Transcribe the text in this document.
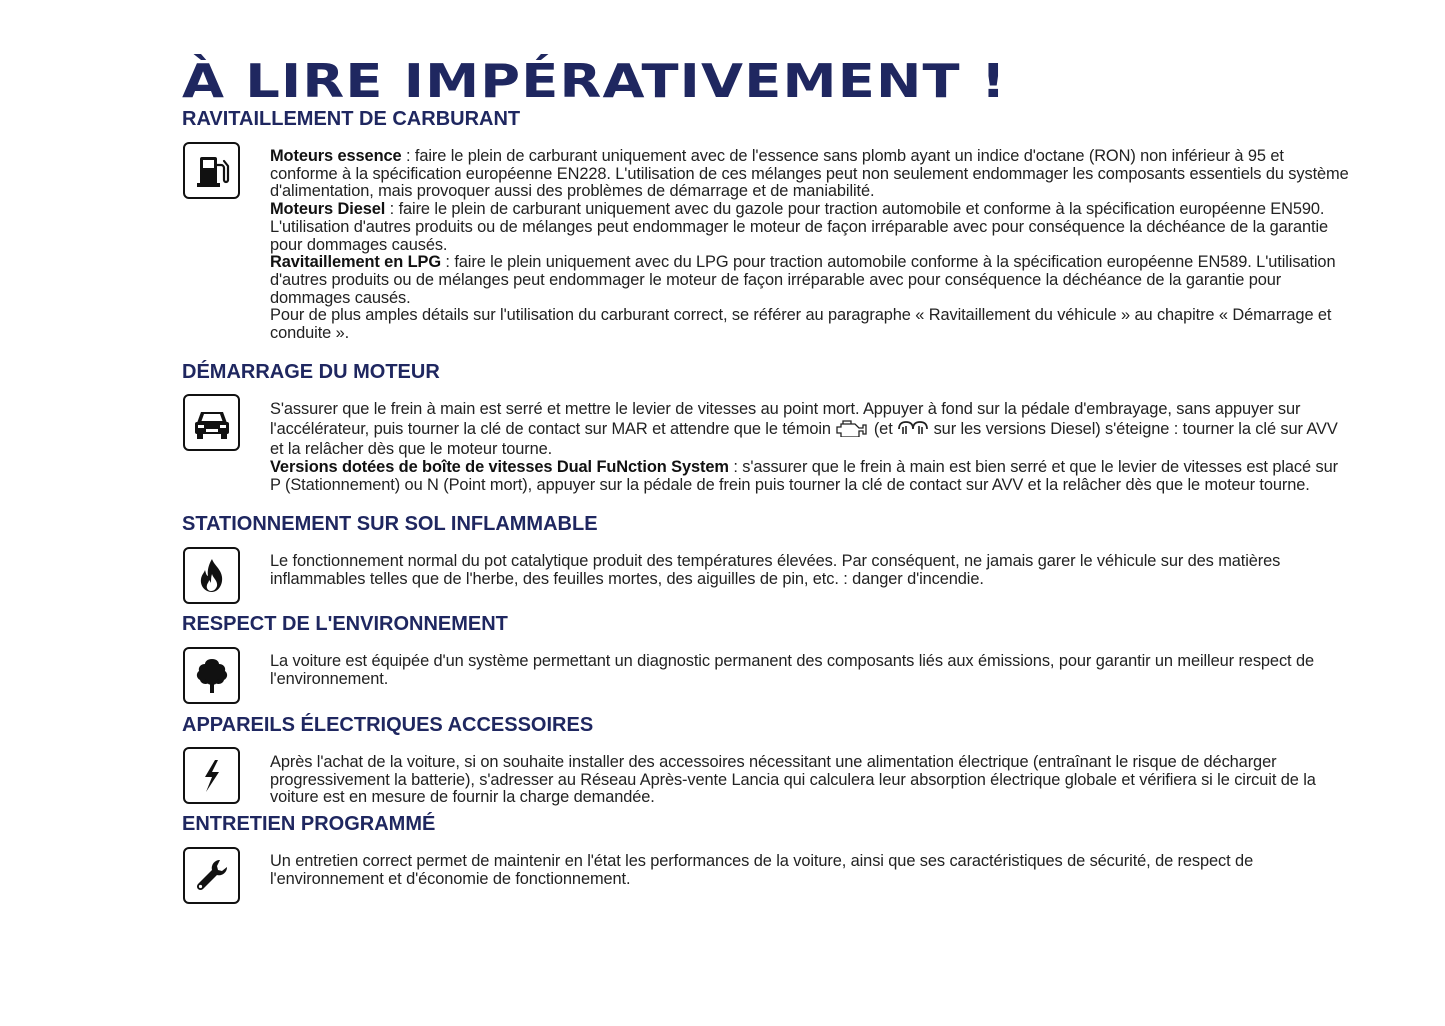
À LIRE IMPÉRATIVEMENT !
RAVITAILLEMENT DE CARBURANT

Moteurs essence : faire le plein de carburant uniquement avec de l'essence sans plomb ayant un indice d'octane (RON) non inférieur à 95 et conforme à la spécification européenne EN228. L'utilisation de ces mélanges peut non seulement endommager les composants essentiels du système d'alimentation, mais provoquer aussi des problèmes de démarrage et de maniabilité.

Moteurs Diesel : faire le plein de carburant uniquement avec du gazole pour traction automobile et conforme à la spécification européenne EN590. L'utilisation d'autres produits ou de mélanges peut endommager le moteur de façon irréparable avec pour conséquence la déchéance de la garantie pour dommages causés.

Ravitaillement en LPG : faire le plein uniquement avec du LPG pour traction automobile conforme à la spécification européenne EN589. L'utilisation d'autres produits ou de mélanges peut endommager le moteur de façon irréparable avec pour conséquence la déchéance de la garantie pour dommages causés.

Pour de plus amples détails sur l'utilisation du carburant correct, se référer au paragraphe « Ravitaillement du véhicule » au chapitre « Démarrage et conduite ».

DÉMARRAGE DU MOTEUR

S'assurer que le frein à main est serré et mettre le levier de vitesses au point mort. Appuyer à fond sur la pédale d'embrayage, sans appuyer sur l'accélérateur, puis tourner la clé de contact sur MAR et attendre que le témoin  (et  sur les versions Diesel) s'éteigne : tourner la clé sur AVV et la relâcher dès que le moteur tourne.

Versions dotées de boîte de vitesses Dual FuNction System : s'assurer que le frein à main est bien serré et que le levier de vitesses est placé sur P (Stationnement) ou N (Point mort), appuyer sur la pédale de frein puis tourner la clé de contact sur AVV et la relâcher dès que le moteur tourne.

STATIONNEMENT SUR SOL INFLAMMABLE

Le fonctionnement normal du pot catalytique produit des températures élevées. Par conséquent, ne jamais garer le véhicule sur des matières inflammables telles que de l'herbe, des feuilles mortes, des aiguilles de pin, etc. : danger d'incendie.

RESPECT DE L'ENVIRONNEMENT

La voiture est équipée d'un système permettant un diagnostic permanent des composants liés aux émissions, pour garantir un meilleur respect de l'environnement.

APPAREILS ÉLECTRIQUES ACCESSOIRES

Après l'achat de la voiture, si on souhaite installer des accessoires nécessitant une alimentation électrique (entraînant le risque de décharger progressivement la batterie), s'adresser au Réseau Après-vente Lancia qui calculera leur absorption électrique globale et vérifiera si le circuit de la voiture est en mesure de fournir la charge demandée.

ENTRETIEN PROGRAMMÉ

Un entretien correct permet de maintenir en l'état les performances de la voiture, ainsi que ses caractéristiques de sécurité, de respect de l'environnement et d'économie de fonctionnement.
